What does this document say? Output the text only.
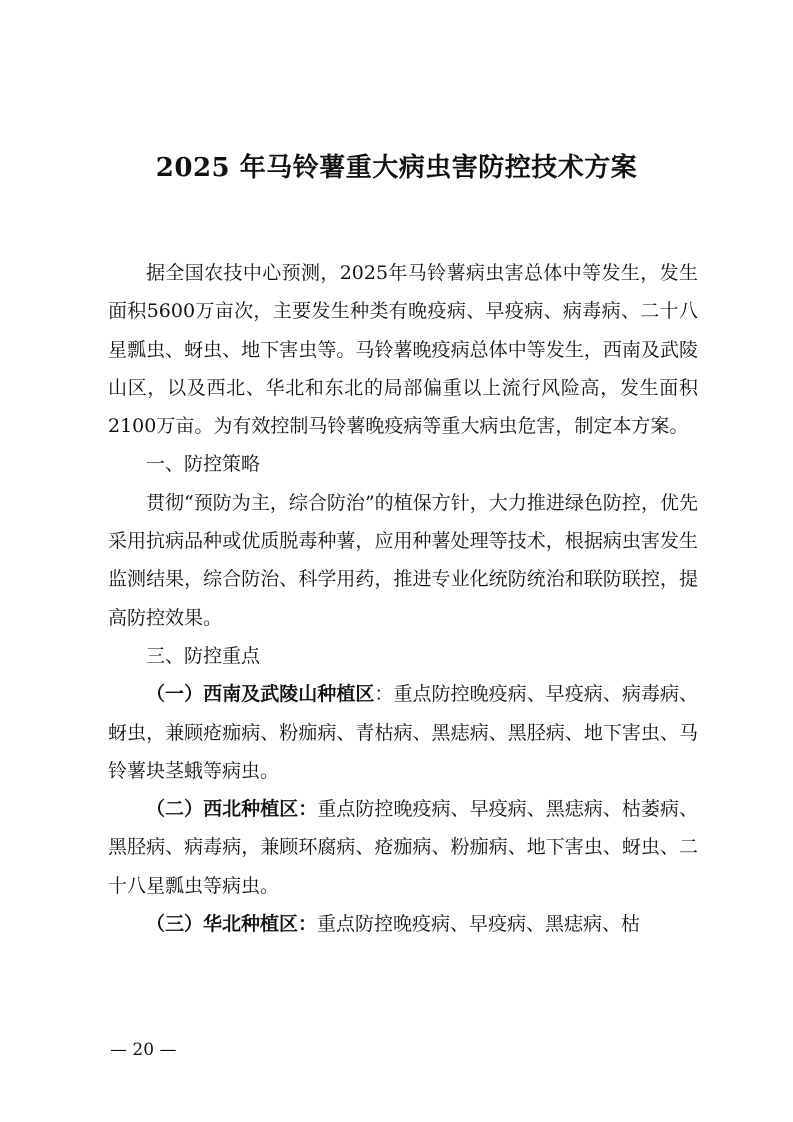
2025 年马铃薯重大病虫害防控技术方案

据全国农技中心预测，2025年马铃薯病虫害总体中等发生，发生面积5600万亩次，主要发生种类有晚疫病、早疫病、病毒病、二十八星瓢虫、蚜虫、地下害虫等。马铃薯晚疫病总体中等发生，西南及武陵山区，以及西北、华北和东北的局部偏重以上流行风险高，发生面积2100万亩。为有效控制马铃薯晚疫病等重大病虫危害，制定本方案。

一、防控策略

贯彻“预防为主，综合防治”的植保方针，大力推进绿色防控，优先采用抗病品种或优质脱毒种薯，应用种薯处理等技术，根据病虫害发生监测结果，综合防治、科学用药，推进专业化统防统治和联防联控，提高防控效果。

三、防控重点

（一）西南及武陵山种植区：重点防控晚疫病、早疫病、病毒病、蚜虫，兼顾疮痂病、粉痂病、青枯病、黑痣病、黑胫病、地下害虫、马铃薯块茎蛾等病虫。

（二）西北种植区：重点防控晚疫病、早疫病、黑痣病、枯萎病、黑胫病、病毒病，兼顾环腐病、疮痂病、粉痂病、地下害虫、蚜虫、二十八星瓢虫等病虫。

（三）华北种植区：重点防控晚疫病、早疫病、黑痣病、枯

— 20 —
